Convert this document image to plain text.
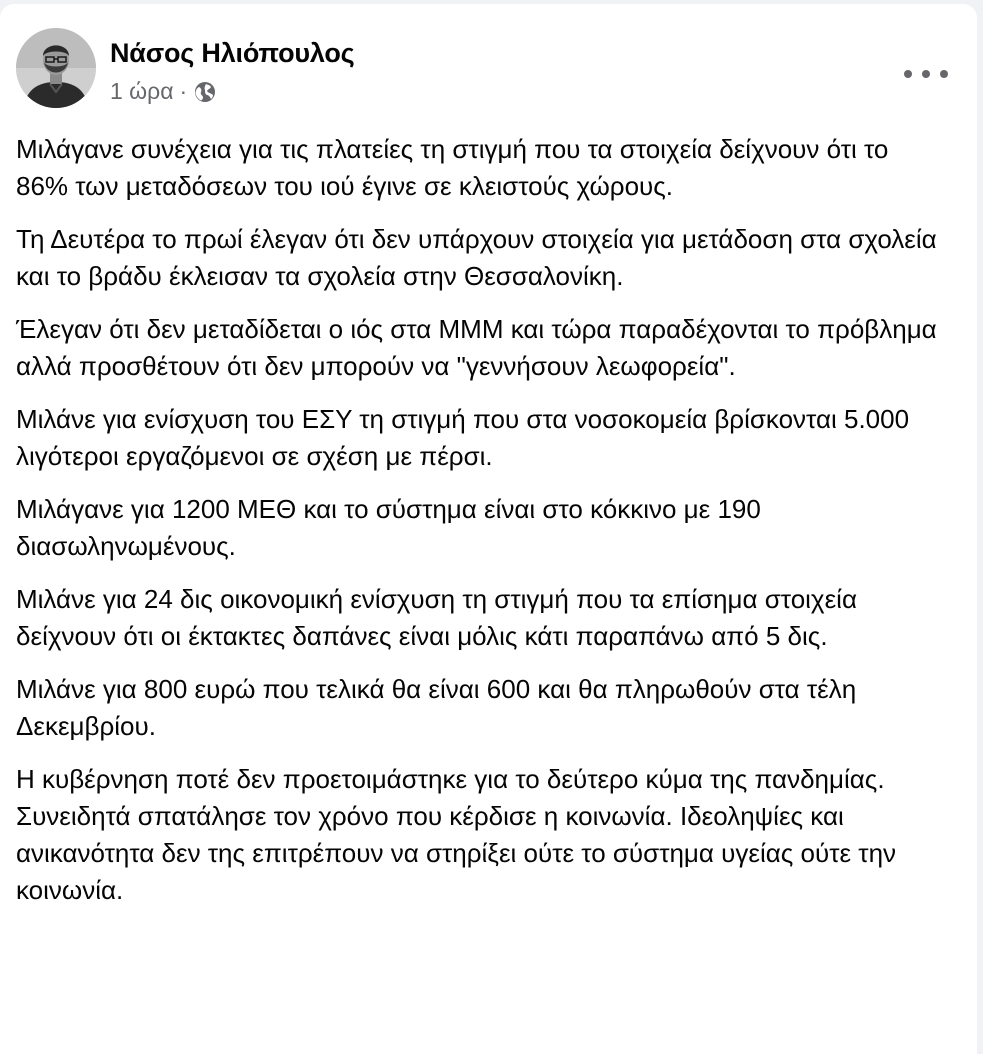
Νάσος Ηλιόπουλος
1 ώρα ·

Μιλάγανε συνέχεια για τις πλατείες τη στιγμή που τα στοιχεία δείχνουν ότι το 86% των μεταδόσεων του ιού έγινε σε κλειστούς χώρους.

Τη Δευτέρα το πρωί έλεγαν ότι δεν υπάρχουν στοιχεία για μετάδοση στα σχολεία και το βράδυ έκλεισαν τα σχολεία στην Θεσσαλονίκη.

Έλεγαν ότι δεν μεταδίδεται ο ιός στα ΜΜΜ και τώρα παραδέχονται το πρόβλημα αλλά προσθέτουν ότι δεν μπορούν να "γεννήσουν λεωφορεία".

Μιλάνε για ενίσχυση του ΕΣΥ τη στιγμή που στα νοσοκομεία βρίσκονται 5.000 λιγότεροι εργαζόμενοι σε σχέση με πέρσι.

Μιλάγανε για 1200 ΜΕΘ και το σύστημα είναι στο κόκκινο με 190 διασωληνωμένους.

Μιλάνε για 24 δις οικονομική ενίσχυση τη στιγμή που τα επίσημα στοιχεία δείχνουν ότι οι έκτακτες δαπάνες είναι μόλις κάτι παραπάνω από 5 δις.

Μιλάνε για 800 ευρώ που τελικά θα είναι 600 και θα πληρωθούν στα τέλη Δεκεμβρίου.

Η κυβέρνηση ποτέ δεν προετοιμάστηκε για το δεύτερο κύμα της πανδημίας. Συνειδητά σπατάλησε τον χρόνο που κέρδισε η κοινωνία. Ιδεοληψίες και ανικανότητα δεν της επιτρέπουν να στηρίξει ούτε το σύστημα υγείας ούτε την κοινωνία.
